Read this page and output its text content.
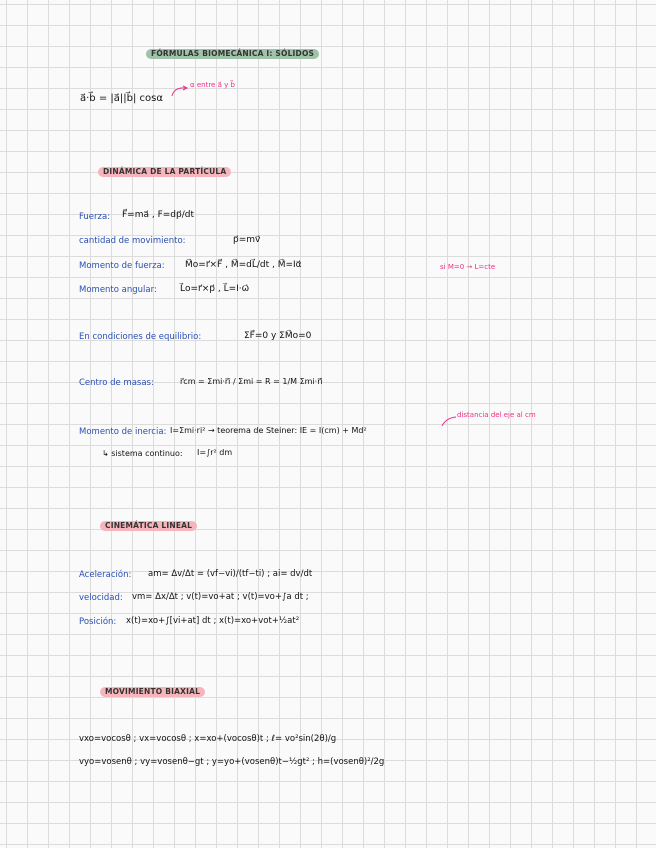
FÓRMULAS BIOMECÁNICA I: SÓLIDOS
a⃗·b⃗ = |a⃗||b⃗| cosα
α entre a⃗ y b⃗
DINÁMICA DE LA PARTÍCULA
Fuerza: F⃗=ma⃗ , F=dp⃗/dt
cantidad de movimiento:	p⃗=mv⃗
Momento de fuerza: M⃗o=r⃗×F⃗ , M⃗=dL⃗/dt , M⃗=Iα⃗	si M=0 → L=cte
Momento angular:	L⃗o=r⃗×p⃗ , L⃗=I·ω⃗
En condiciones de equilibrio:	ΣF⃗=0 y ΣM⃗o=0
Centro de masas:	r⃗cm = Σmi·r⃗i / Σmi = R = 1/M Σmi·r⃗i
Momento de inercia: I=Σmi·ri² → teorema de Steiner: IE = I(cm) + Md²
distancia del eje al cm
↳ sistema continuo: I=∫r² dm
CINEMÁTICA LINEAL
Aceleración: am= Δv/Δt = (vf−vi)/(tf−ti) ; ai= dv/dt
velocidad: vm= Δx/Δt ; v(t)=vo+at ; v(t)=vo+∫a dt ;
Posición: x(t)=xo+∫[vi+at] dt ; x(t)=xo+vot+½at²
MOVIMIENTO BIAXIAL
vxo=vocosθ ; vx=vocosθ ; x=xo+(vocosθ)t ; ℓ= vo²sin(2θ)/g
vyo=vosenθ ; vy=vosenθ−gt ; y=yo+(vosenθ)t−½gt² ; h=(vosenθ)²/2g
